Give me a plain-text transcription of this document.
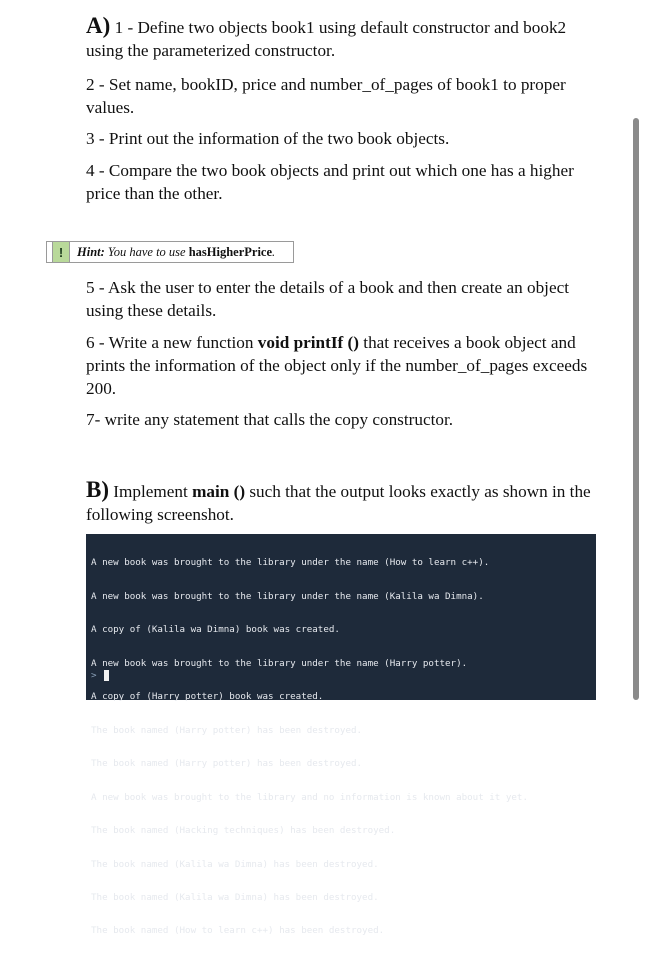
A) 1 - Define two objects book1 using default constructor and book2 using the parameterized constructor.

2 - Set name, bookID, price and number_of_pages of book1 to proper values.

3 - Print out the information of the two book objects.

4 - Compare the two book objects and print out which one has a higher price than the other.

!	Hint: You have to use hasHigherPrice.

5 - Ask the user to enter the details of a book and then create an object using these details.

6 - Write a new function void printIf () that receives a book object and prints the information of the object only if the number_of_pages exceeds 200.

7- write any statement that calls the copy constructor.

B) Implement main () such that the output looks exactly as shown in the following screenshot.

A new book was brought to the library under the name (How to learn c++).

A new book was brought to the library under the name (Kalila wa Dimna).

A copy of (Kalila wa Dimna) book was created.

A new book was brought to the library under the name (Harry potter).

A copy of (Harry potter) book was created.

The book named (Harry potter) has been destroyed.

The book named (Harry potter) has been destroyed.

A new book was brought to the library and no information is known about it yet.

The book named (Hacking techniques) has been destroyed.

The book named (Kalila wa Dimna) has been destroyed.

The book named (Kalila wa Dimna) has been destroyed.

The book named (How to learn c++) has been destroyed.

>
